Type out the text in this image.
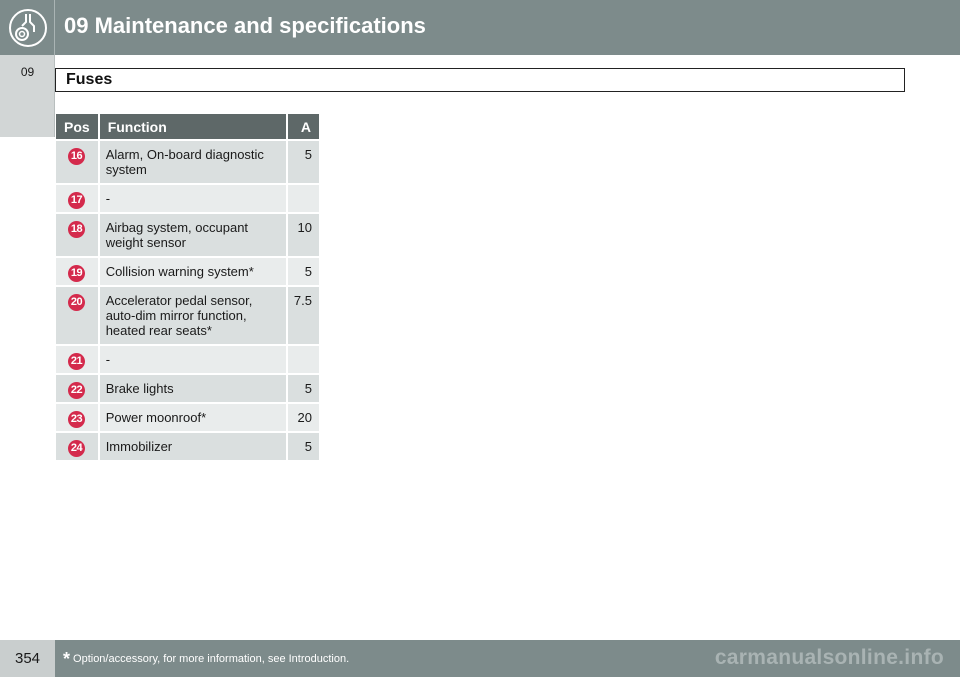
09 Maintenance and specifications
09	Fuses
Pos	Function	A
16	Alarm, On-board diagnostic system	5
17	-	
18	Airbag system, occupant weight sensor	10
19	Collision warning system*	5
20	Accelerator pedal sensor, auto-dim mirror function, heated rear seats*	7.5
21	-	
22	Brake lights	5
23	Power moonroof*	20
24	Immobilizer	5
354	* Option/accessory, for more information, see Introduction.	carmanualsonline.info
